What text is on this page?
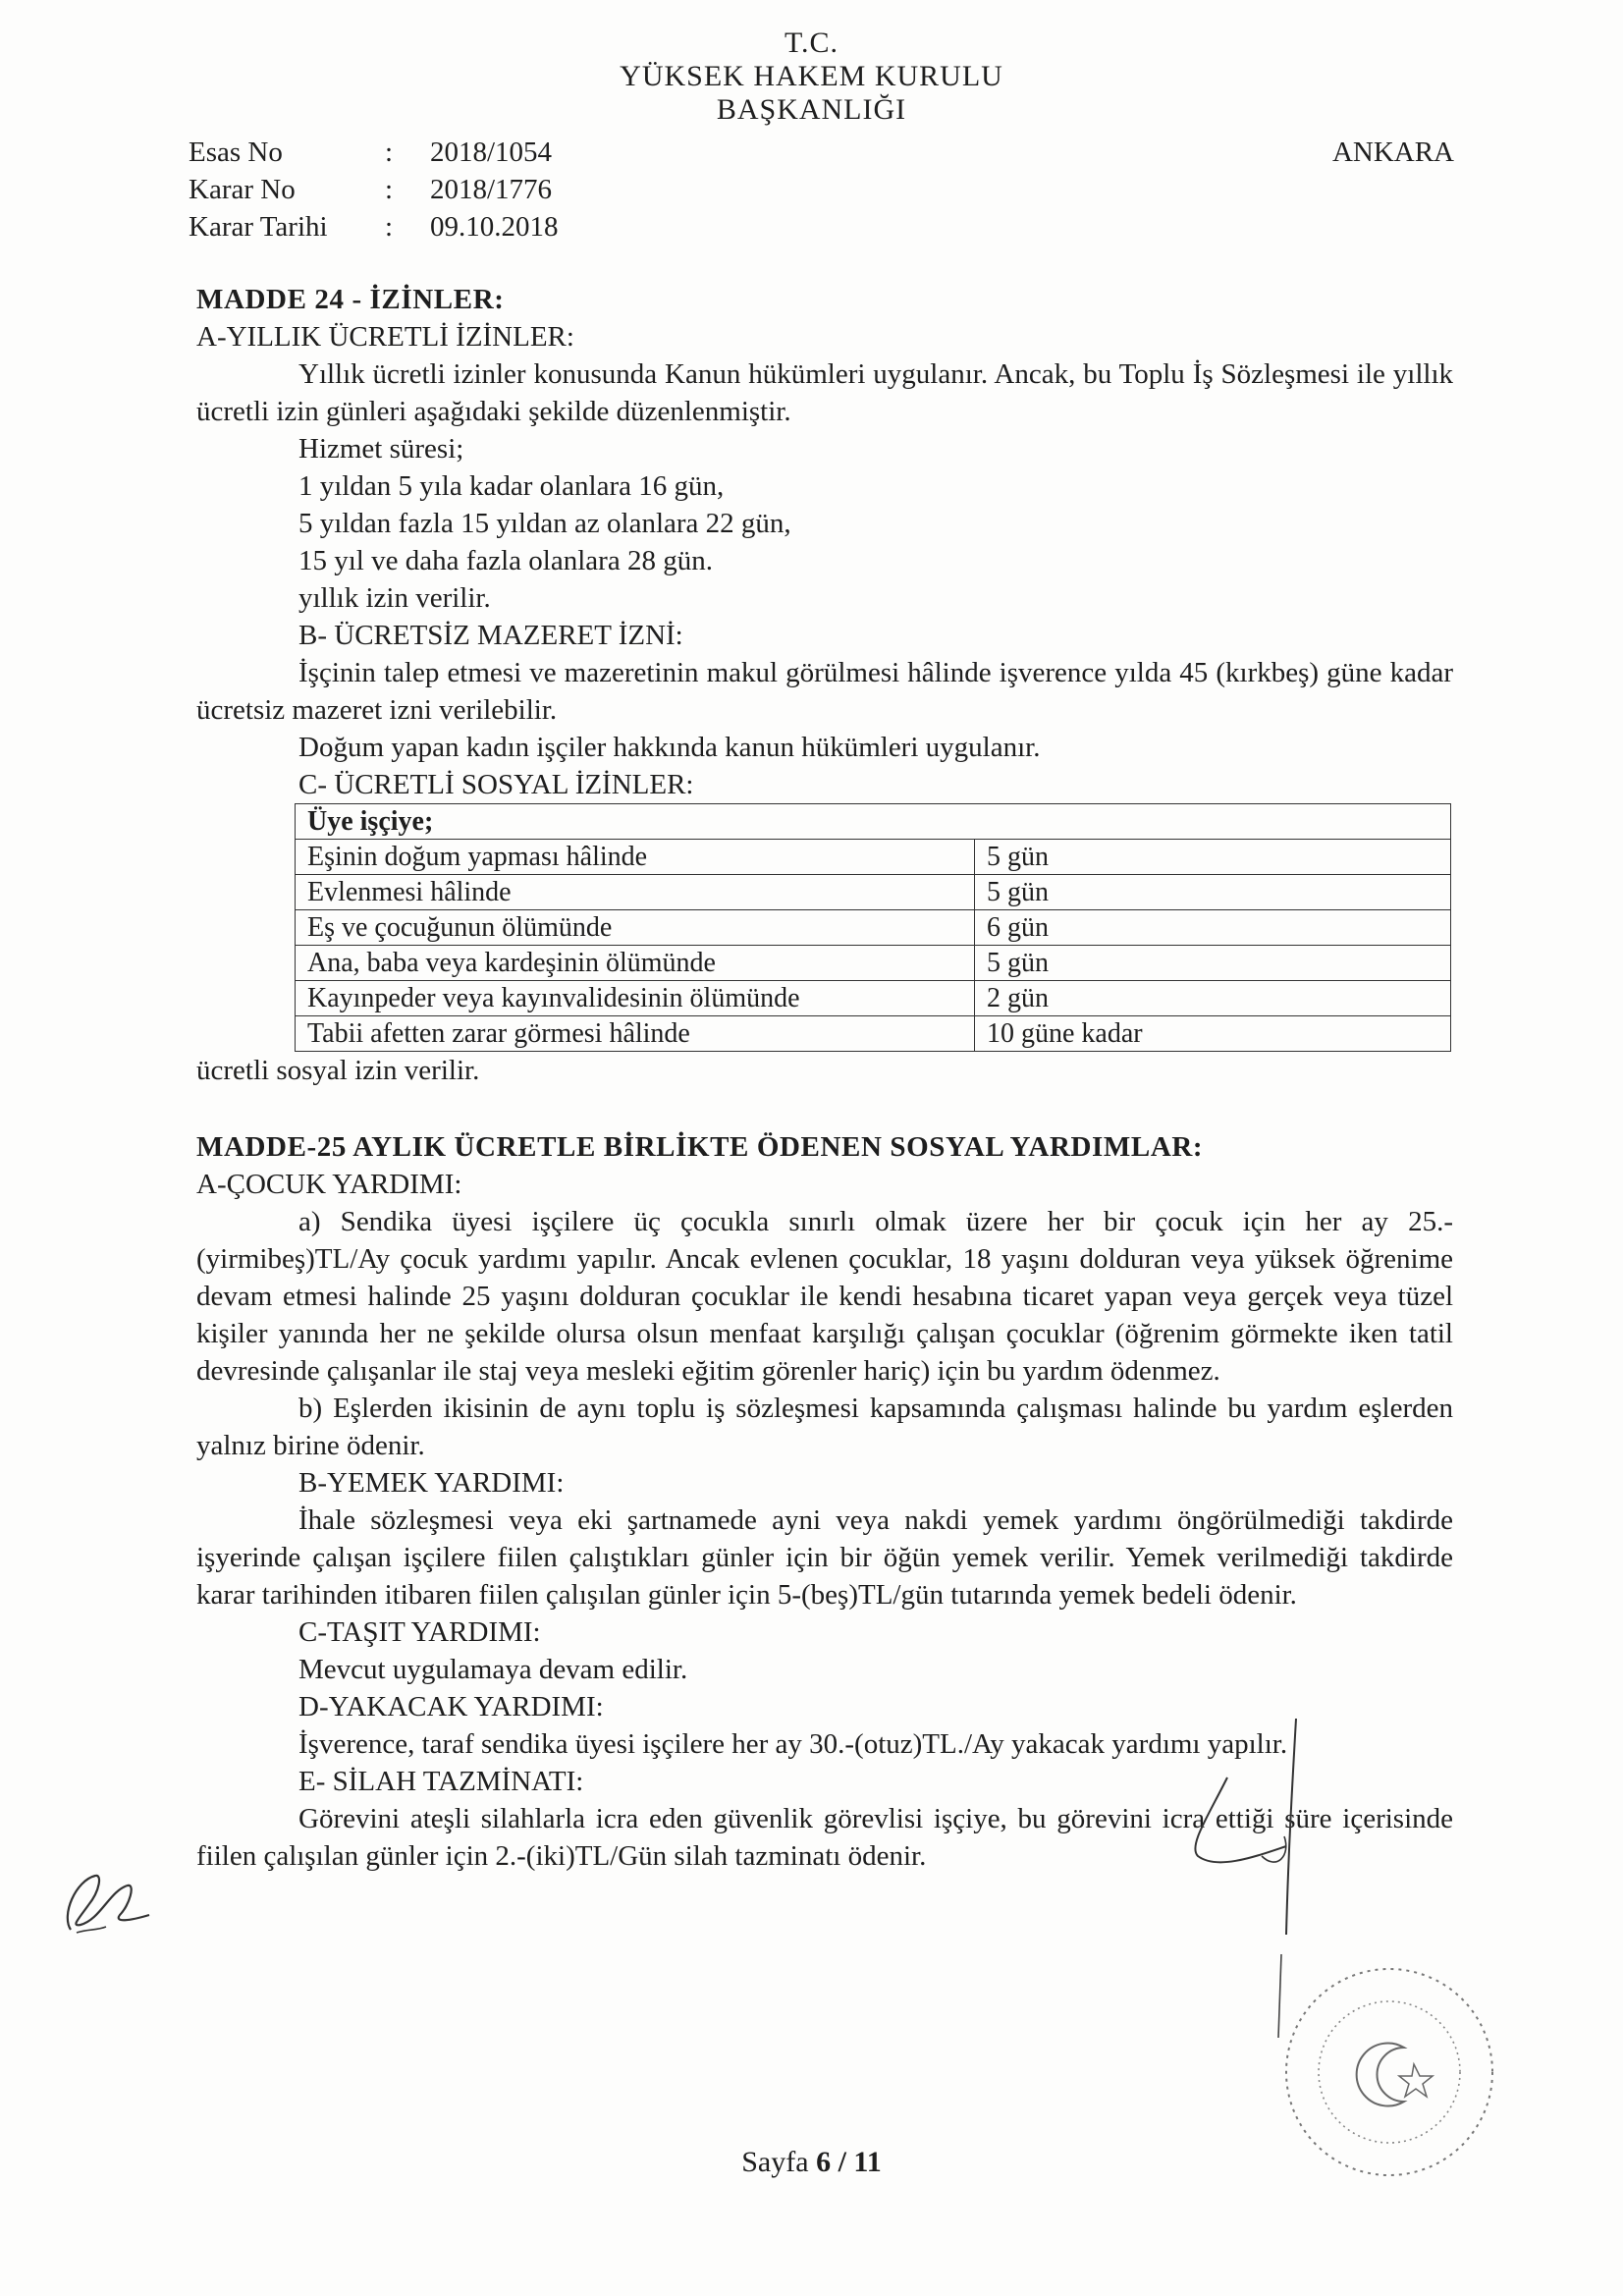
T.C.
YÜKSEK HAKEM KURULU
BAŞKANLIĞI
Esas No	:	2018/1054
Karar No	:	2018/1776
Karar Tarihi	:	09.10.2018
ANKARA
MADDE 24 - İZİNLER:
A-YILLIK ÜCRETLİ İZİNLER:
Yıllık ücretli izinler konusunda Kanun hükümleri uygulanır. Ancak, bu Toplu İş Sözleşmesi ile yıllık ücretli izin günleri aşağıdaki şekilde düzenlenmiştir.
Hizmet süresi;
1 yıldan 5 yıla kadar olanlara 16 gün,
5 yıldan fazla 15 yıldan az olanlara 22 gün,
15 yıl ve daha fazla olanlara 28 gün.
yıllık izin verilir.
B- ÜCRETSİZ MAZERET İZNİ:
İşçinin talep etmesi ve mazeretinin makul görülmesi hâlinde işverence yılda 45 (kırkbeş) güne kadar ücretsiz mazeret izni verilebilir.
Doğum yapan kadın işçiler hakkında kanun hükümleri uygulanır.
C- ÜCRETLİ SOSYAL İZİNLER:
Üye işçiye;	
Eşinin doğum yapması hâlinde	5 gün
Evlenmesi hâlinde	5 gün
Eş ve çocuğunun ölümünde	6 gün
Ana, baba veya kardeşinin ölümünde	5 gün
Kayınpeder veya kayınvalidesinin ölümünde	2 gün
Tabii afetten zarar görmesi hâlinde	10 güne kadar
ücretli sosyal izin verilir.
MADDE-25 AYLIK ÜCRETLE BİRLİKTE ÖDENEN SOSYAL YARDIMLAR:
A-ÇOCUK YARDIMI:
a) Sendika üyesi işçilere üç çocukla sınırlı olmak üzere her bir çocuk için her ay 25.-(yirmibeş)TL/Ay çocuk yardımı yapılır. Ancak evlenen çocuklar, 18 yaşını dolduran veya yüksek öğrenime devam etmesi halinde 25 yaşını dolduran çocuklar ile kendi hesabına ticaret yapan veya gerçek veya tüzel kişiler yanında her ne şekilde olursa olsun menfaat karşılığı çalışan çocuklar (öğrenim görmekte iken tatil devresinde çalışanlar ile staj veya mesleki eğitim görenler hariç) için bu yardım ödenmez.
b) Eşlerden ikisinin de aynı toplu iş sözleşmesi kapsamında çalışması halinde bu yardım eşlerden yalnız birine ödenir.
B-YEMEK YARDIMI:
İhale sözleşmesi veya eki şartnamede ayni veya nakdi yemek yardımı öngörülmediği takdirde işyerinde çalışan işçilere fiilen çalıştıkları günler için bir öğün yemek verilir. Yemek verilmediği takdirde karar tarihinden itibaren fiilen çalışılan günler için 5-(beş)TL/gün tutarında yemek bedeli ödenir.
C-TAŞIT YARDIMI:
Mevcut uygulamaya devam edilir.
D-YAKACAK YARDIMI:
İşverence, taraf sendika üyesi işçilere her ay 30.-(otuz)TL./Ay yakacak yardımı yapılır.
E- SİLAH TAZMİNATI:
Görevini ateşli silahlarla icra eden güvenlik görevlisi işçiye, bu görevini icra ettiği süre içerisinde fiilen çalışılan günler için 2.-(iki)TL/Gün silah tazminatı ödenir.
Sayfa 6 / 11
